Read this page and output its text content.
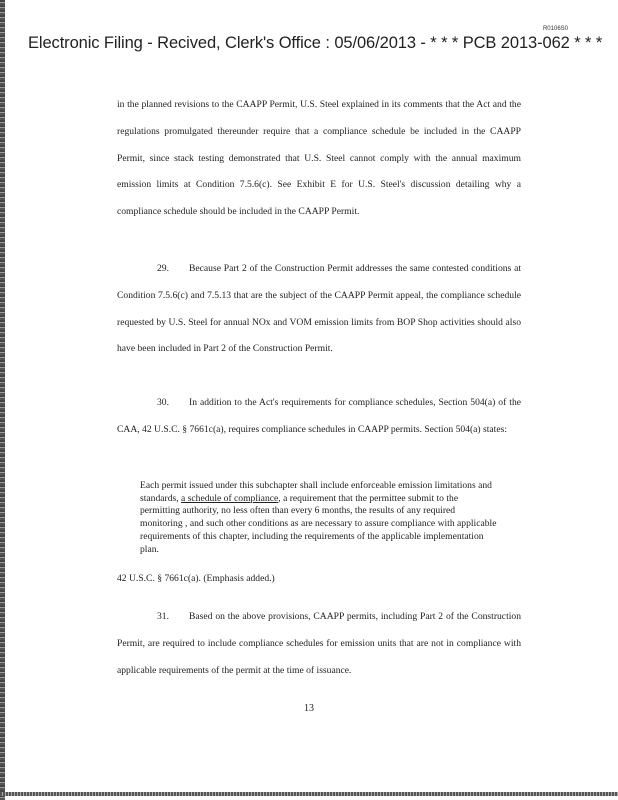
R0106S0
Electronic Filing - Recived, Clerk's Office : 05/06/2013 - * * * PCB 2013-062 * * *

in the planned revisions to the CAAPP Permit, U.S. Steel explained in its comments that the Act and the regulations promulgated thereunder require that a compliance schedule be included in the CAAPP Permit, since stack testing demonstrated that U.S. Steel cannot comply with the annual maximum emission limits at Condition 7.5.6(c). See Exhibit E for U.S. Steel's discussion detailing why a compliance schedule should be included in the CAAPP Permit.

29. Because Part 2 of the Construction Permit addresses the same contested conditions at Condition 7.5.6(c) and 7.5.13 that are the subject of the CAAPP Permit appeal, the compliance schedule requested by U.S. Steel for annual NOx and VOM emission limits from BOP Shop activities should also have been included in Part 2 of the Construction Permit.

30. In addition to the Act's requirements for compliance schedules, Section 504(a) of the CAA, 42 U.S.C. § 7661c(a), requires compliance schedules in CAAPP permits. Section 504(a) states:

Each permit issued under this subchapter shall include enforceable emission limitations and standards, a schedule of compliance, a requirement that the permittee submit to the permitting authority, no less often than every 6 months, the results of any required monitoring , and such other conditions as are necessary to assure compliance with applicable requirements of this chapter, including the requirements of the applicable implementation plan.
42 U.S.C. § 7661c(a). (Emphasis added.)

31. Based on the above provisions, CAAPP permits, including Part 2 of the Construction Permit, are required to include compliance schedules for emission units that are not in compliance with applicable requirements of the permit at the time of issuance.

13
